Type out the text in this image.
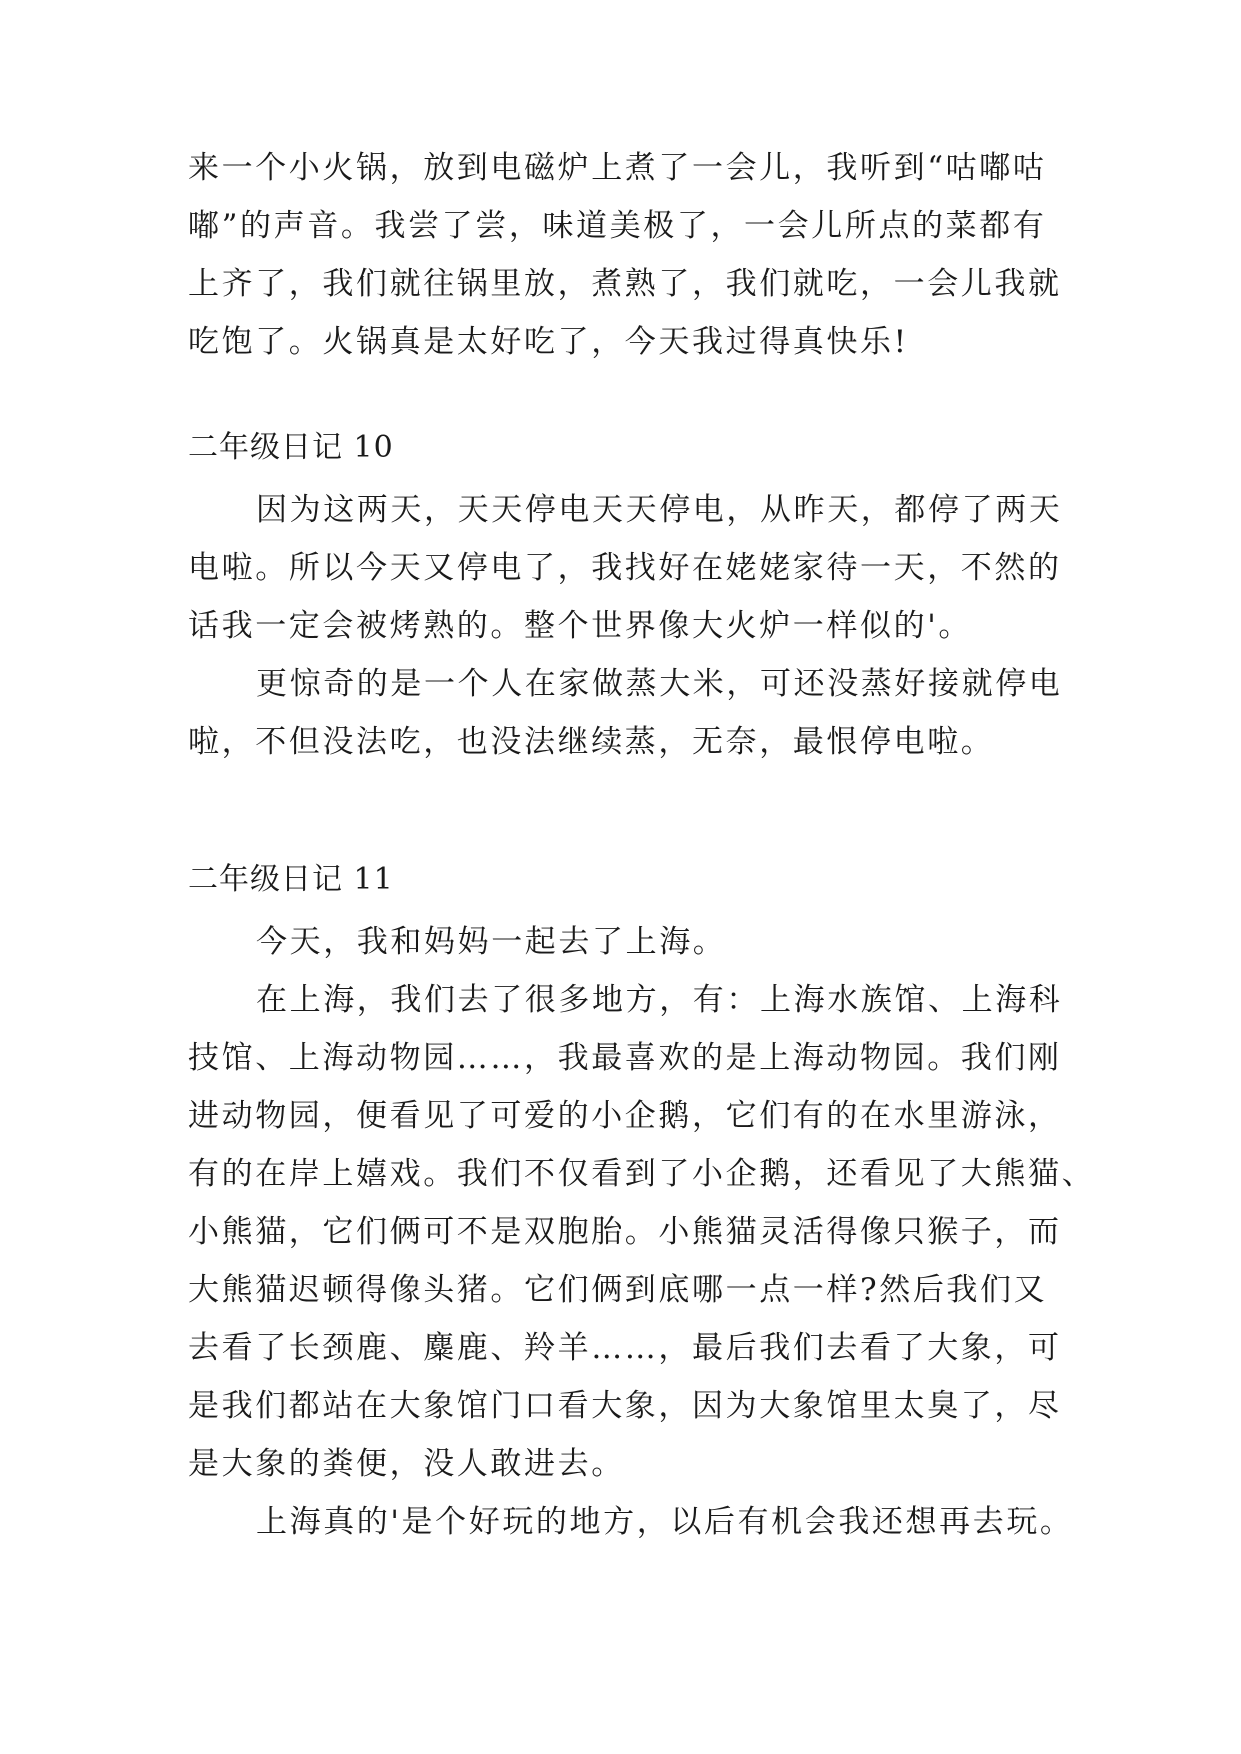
来一个小火锅，放到电磁炉上煮了一会儿，我听到“咕嘟咕
嘟”的声音。我尝了尝，味道美极了，一会儿所点的菜都有
上齐了，我们就往锅里放，煮熟了，我们就吃，一会儿我就
吃饱了。火锅真是太好吃了，今天我过得真快乐!
二年级日记 10
因为这两天，天天停电天天停电，从昨天，都停了两天
电啦。所以今天又停电了，我找好在姥姥家待一天，不然的
话我一定会被烤熟的。整个世界像大火炉一样似的'。
更惊奇的是一个人在家做蒸大米，可还没蒸好接就停电
啦，不但没法吃，也没法继续蒸，无奈，最恨停电啦。
二年级日记 11
今天，我和妈妈一起去了上海。
在上海，我们去了很多地方，有：上海水族馆、上海科
技馆、上海动物园……，我最喜欢的是上海动物园。我们刚
进动物园，便看见了可爱的小企鹅，它们有的在水里游泳，
有的在岸上嬉戏。我们不仅看到了小企鹅，还看见了大熊猫、
小熊猫，它们俩可不是双胞胎。小熊猫灵活得像只猴子，而
大熊猫迟顿得像头猪。它们俩到底哪一点一样?然后我们又
去看了长颈鹿、麋鹿、羚羊……，最后我们去看了大象，可
是我们都站在大象馆门口看大象，因为大象馆里太臭了，尽
是大象的粪便，没人敢进去。
上海真的'是个好玩的地方，以后有机会我还想再去玩。
